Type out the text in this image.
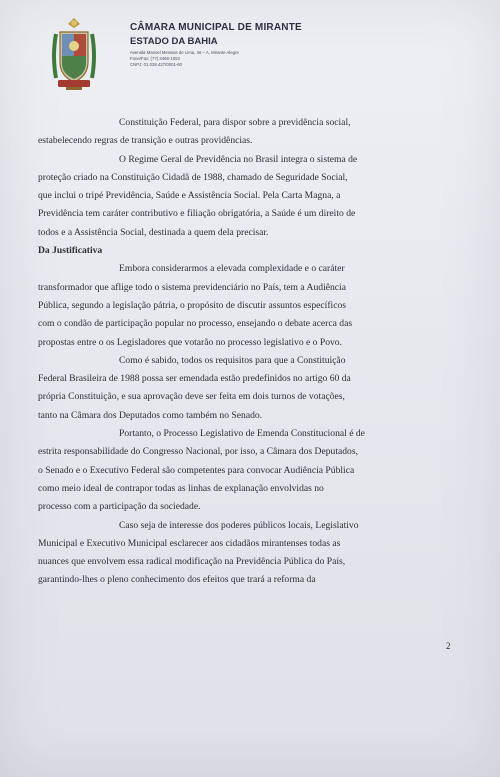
CÂMARA MUNICIPAL DE MIRANTE
ESTADO DA BAHIA
Avenida Manoel Messias de Lima, 46 – A, Mirante Alegre
Fone/Fax: (77) 3466-1053
CNPJ: 01.028.427/0001-60

Constituição Federal, para dispor sobre a previdência social,

estabelecendo regras de transição e outras providências.

O Regime Geral de Previdência no Brasil integra o sistema de

proteção criado na Constituição Cidadã de 1988, chamado de Seguridade Social,

que inclui o tripé Previdência, Saúde e Assistência Social. Pela Carta Magna, a

Previdência tem caráter contributivo e filiação obrigatória, a Saúde é um direito de

todos e a Assistência Social, destinada a quem dela precisar.

Da Justificativa

Embora considerarmos a elevada complexidade e o caráter

transformador que aflige todo o sistema previdenciário no País, tem a Audiência

Pública, segundo a legislação pátria, o propósito de discutir assuntos específicos

com o condão de participação popular no processo, ensejando o debate acerca das

propostas entre o os Legisladores que votarão no processo legislativo e o Povo.

Como é sabido, todos os requisitos para que a Constituição

Federal Brasileira de 1988 possa ser emendada estão predefinidos no artigo 60 da

própria Constituição, e sua aprovação deve ser feita em dois turnos de votações,

tanto na Câmara dos Deputados como também no Senado.

Portanto, o Processo Legislativo de Emenda Constitucional é de

estrita responsabilidade do Congresso Nacional, por isso, a Câmara dos Deputados,

o Senado e o Executivo Federal são competentes para convocar Audiência Pública

como meio ideal de contrapor todas as linhas de explanação envolvidas no

processo com a participação da sociedade.

Caso seja de interesse dos poderes públicos locais, Legislativo

Municipal e Executivo Municipal esclarecer aos cidadãos mirantenses todas as

nuances que envolvem essa radical modificação na Previdência Pública do País,

garantindo-lhes o pleno conhecimento dos efeitos que trará a reforma da

2
